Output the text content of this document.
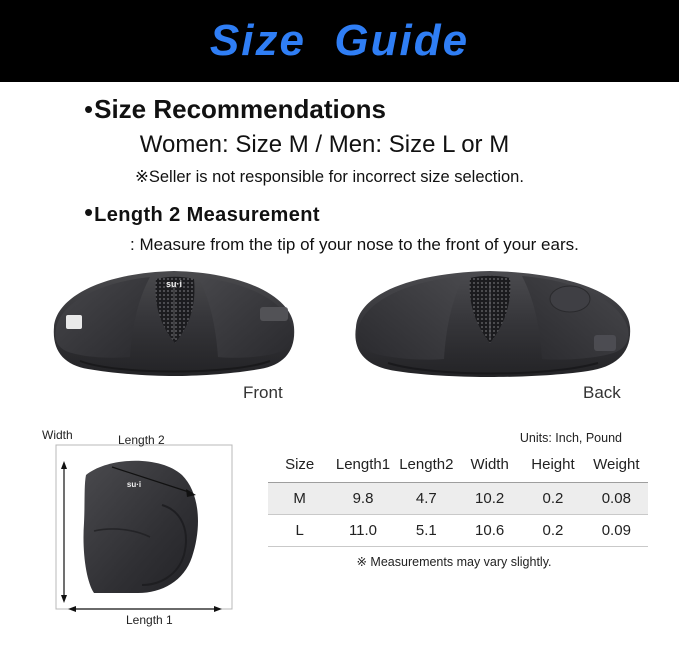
Size  Guide
• Size Recommendations
Women: Size M / Men: Size L or M
※Seller is not responsible for incorrect size selection.
• Length 2 Measurement
: Measure from the tip of your nose to the front of your ears.
su·i
Front	Back
su·i
Width	Length 2
Length 1
Units: Inch, Pound
Size	Length1	Length2	Width	Height	Weight
M	9.8	4.7	10.2	0.2	0.08
L	11.0	5.1	10.6	0.2	0.09
※ Measurements may vary slightly.
